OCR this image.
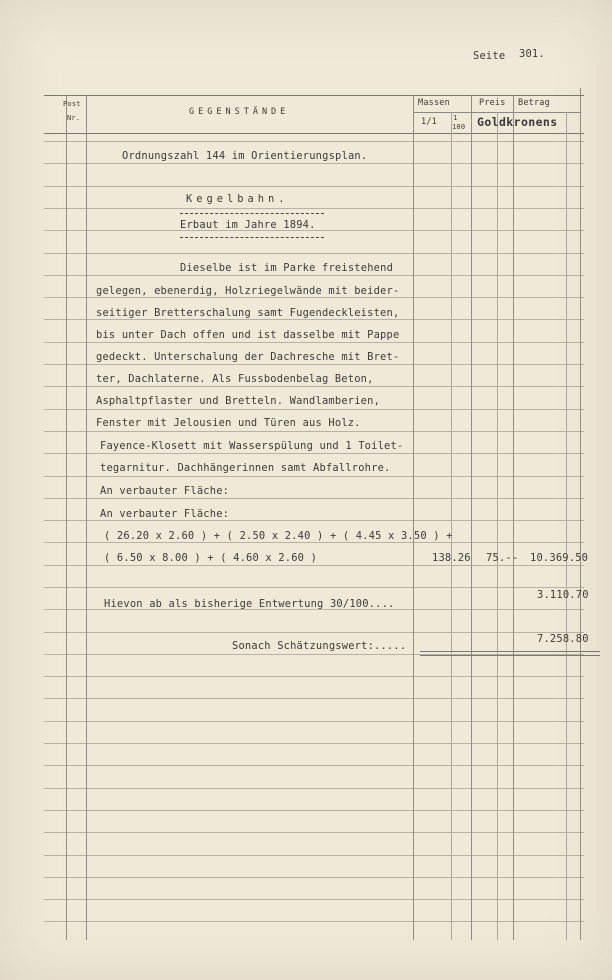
Seite 301.
Post
Nr.
GEGENSTÄNDE
Massen	Preis Betrag
1/1 1
100 Goldkronens
Ordnungszahl 144 im Orientierungsplan.
Kegelbahn.
Erbaut im Jahre 1894.
Dieselbe ist im Parke freistehend
gelegen, ebenerdig, Holzriegelwände mit beider-
seitiger Bretterschalung samt Fugendeckleisten,
bis unter Dach offen und ist dasselbe mit Pappe
gedeckt. Unterschalung der Dachresche mit Bret-
ter, Dachlaterne. Als Fussbodenbelag Beton,
Asphaltpflaster und Bretteln. Wandlamberien,
Fenster mit Jelousien und Türen aus Holz.
Fayence-Klosett mit Wasserspülung und 1 Toilet-
tegarnitur. Dachhängerinnen samt Abfallrohre.
An verbauter Fläche:
An verbauter Fläche:
( 26.20 x 2.60 ) + ( 2.50 x 2.40 ) + ( 4.45 x 3.50 ) +
( 6.50 x 8.00 ) + ( 4.60 x 2.60 )	138.26 75.-- 10.369.50
Hievon ab als bisherige Entwertung 30/100....
3.110.70
Sonach Schätzungswert:.....
7.258.80
